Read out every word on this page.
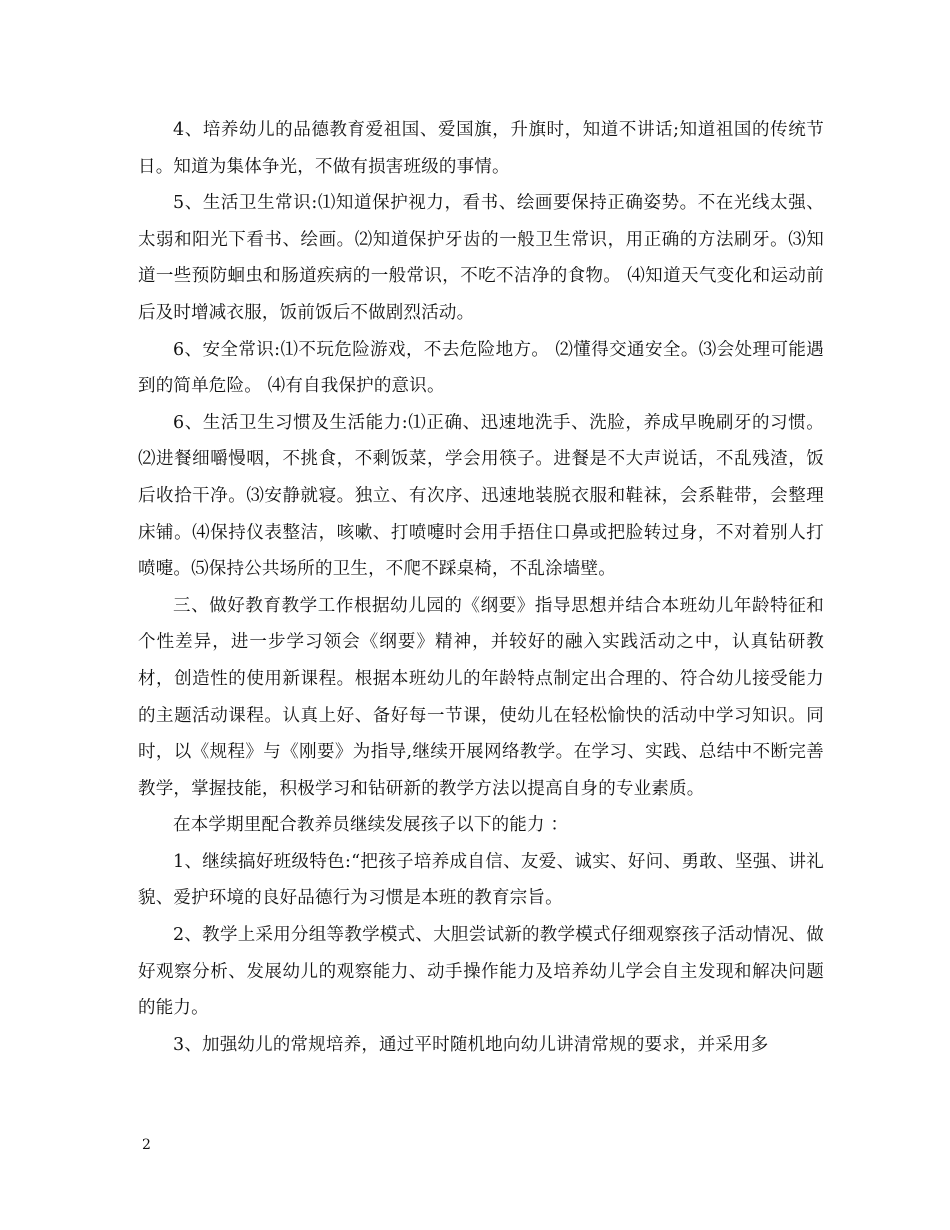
4、培养幼儿的品德教育爱祖国、爱国旗，升旗时，知道不讲话;知道祖国的传统节日。知道为集体争光，不做有损害班级的事情。

5、生活卫生常识:⑴知道保护视力，看书、绘画要保持正确姿势。不在光线太强、太弱和阳光下看书、绘画。⑵知道保护牙齿的一般卫生常识，用正确的方法刷牙。⑶知道一些预防蛔虫和肠道疾病的一般常识，不吃不洁净的食物。 ⑷知道天气变化和运动前后及时增减衣服，饭前饭后不做剧烈活动。

6、安全常识:⑴不玩危险游戏，不去危险地方。 ⑵懂得交通安全。⑶会处理可能遇到的简单危险。 ⑷有自我保护的意识。

6、生活卫生习惯及生活能力:⑴正确、迅速地洗手、洗脸，养成早晚刷牙的习惯。⑵进餐细嚼慢咽，不挑食，不剩饭菜，学会用筷子。进餐是不大声说话，不乱残渣，饭后收拾干净。⑶安静就寝。独立、有次序、迅速地装脱衣服和鞋袜，会系鞋带，会整理床铺。⑷保持仪表整洁，咳嗽、打喷嚏时会用手捂住口鼻或把脸转过身，不对着别人打喷嚏。⑸保持公共场所的卫生，不爬不踩桌椅，不乱涂墙壁。

三、做好教育教学工作根据幼儿园的《纲要》指导思想并结合本班幼儿年龄特征和个性差异，进一步学习领会《纲要》精神，并较好的融入实践活动之中，认真钻研教材，创造性的使用新课程。根据本班幼儿的年龄特点制定出合理的、符合幼儿接受能力的主题活动课程。认真上好、备好每一节课，使幼儿在轻松愉快的活动中学习知识。同时，以《规程》与《刚要》为指导,继续开展网络教学。在学习、实践、总结中不断完善教学，掌握技能，积极学习和钻研新的教学方法以提高自身的专业素质。

在本学期里配合教养员继续发展孩子以下的能力 ：

1、继续搞好班级特色:“把孩子培养成自信、友爱、诚实、好问、勇敢、坚强、讲礼貌、爱护环境的良好品德行为习惯是本班的教育宗旨。

2、教学上采用分组等教学模式、大胆尝试新的教学模式仔细观察孩子活动情况、做好观察分析、发展幼儿的观察能力、动手操作能力及培养幼儿学会自主发现和解决问题的能力。

3、加强幼儿的常规培养，通过平时随机地向幼儿讲清常规的要求，并采用多

2
